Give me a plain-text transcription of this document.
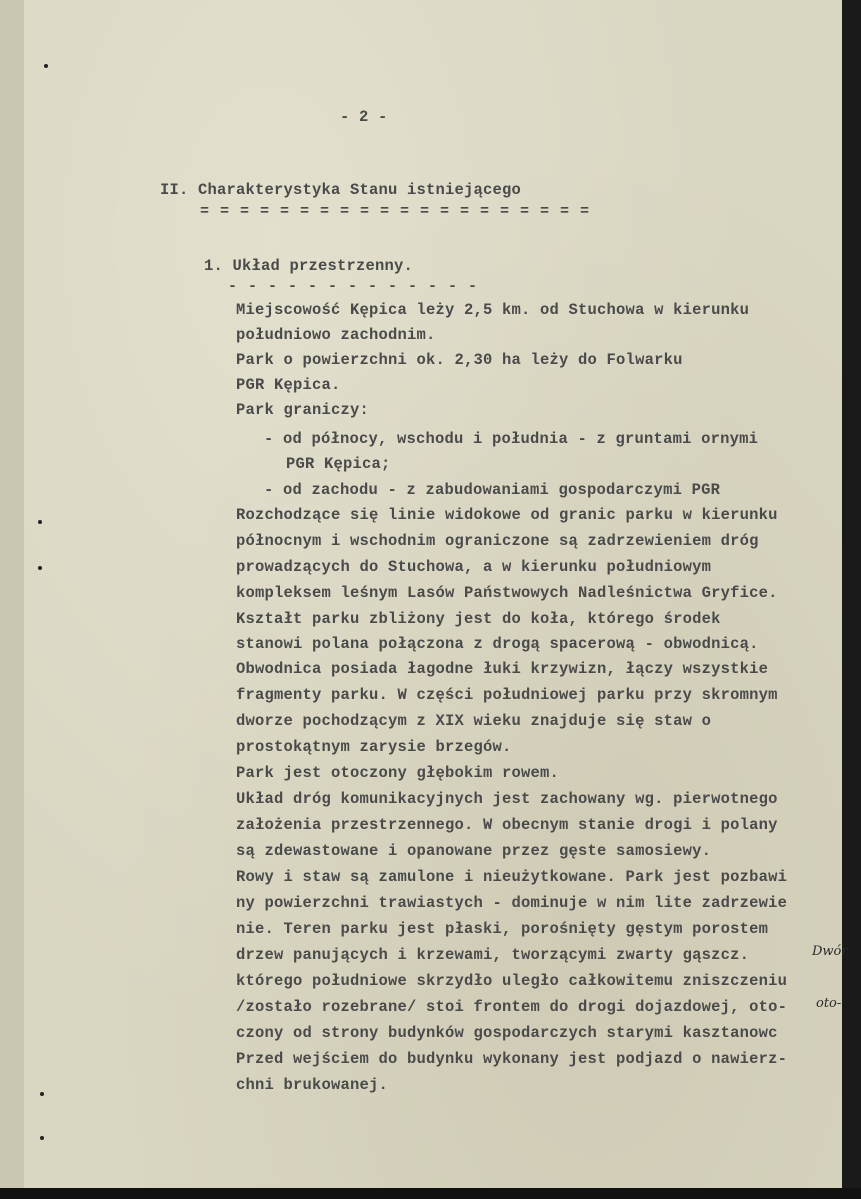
- 2 -
II. Charakterystyka Stanu istniejącego
= = = = = = = = = = = = = = = = = = = =
1. Układ przestrzenny.
- - - - - - - - - - - - -
Miejscowość Kępica leży 2,5 km. od Stuchowa w kierunku
południowo zachodnim.
Park o powierzchni ok. 2,30 ha leży do Folwarku
PGR Kępica.
Park graniczy:
- od północy, wschodu i południa - z gruntami ornymi
PGR Kępica;
- od zachodu - z zabudowaniami gospodarczymi PGR
Rozchodzące się linie widokowe od granic parku w kierunku
północnym i wschodnim ograniczone są zadrzewieniem dróg
prowadzących do Stuchowa, a w kierunku południowym
kompleksem leśnym Lasów Państwowych Nadleśnictwa Gryfice.
Kształt parku zbliżony jest do koła, którego środek
stanowi polana połączona z drogą spacerową - obwodnicą.
Obwodnica posiada łagodne łuki krzywizn, łączy wszystkie
fragmenty parku. W części południowej parku przy skromnym
dworze pochodzącym z XIX wieku znajduje się staw o
prostokątnym zarysie brzegów.
Park jest otoczony głębokim rowem.
Układ dróg komunikacyjnych jest zachowany wg. pierwotnego
założenia przestrzennego. W obecnym stanie drogi i polany
są zdewastowane i opanowane przez gęste samosiewy.
Rowy i staw są zamulone i nieużytkowane. Park jest pozbawi
ny powierzchni trawiastych - dominuje w nim lite zadrzewie
nie. Teren parku jest płaski, porośnięty gęstym porostem
drzew panujących i krzewami, tworzącymi zwarty gąszcz.
którego południowe skrzydło uległo całkowitemu zniszczeniu
/zostało rozebrane/ stoi frontem do drogi dojazdowej, oto-
czony od strony budynków gospodarczych starymi kasztanowc
Przed wejściem do budynku wykonany jest podjazd o nawierz-
chni brukowanej.
Dwór
oto-
